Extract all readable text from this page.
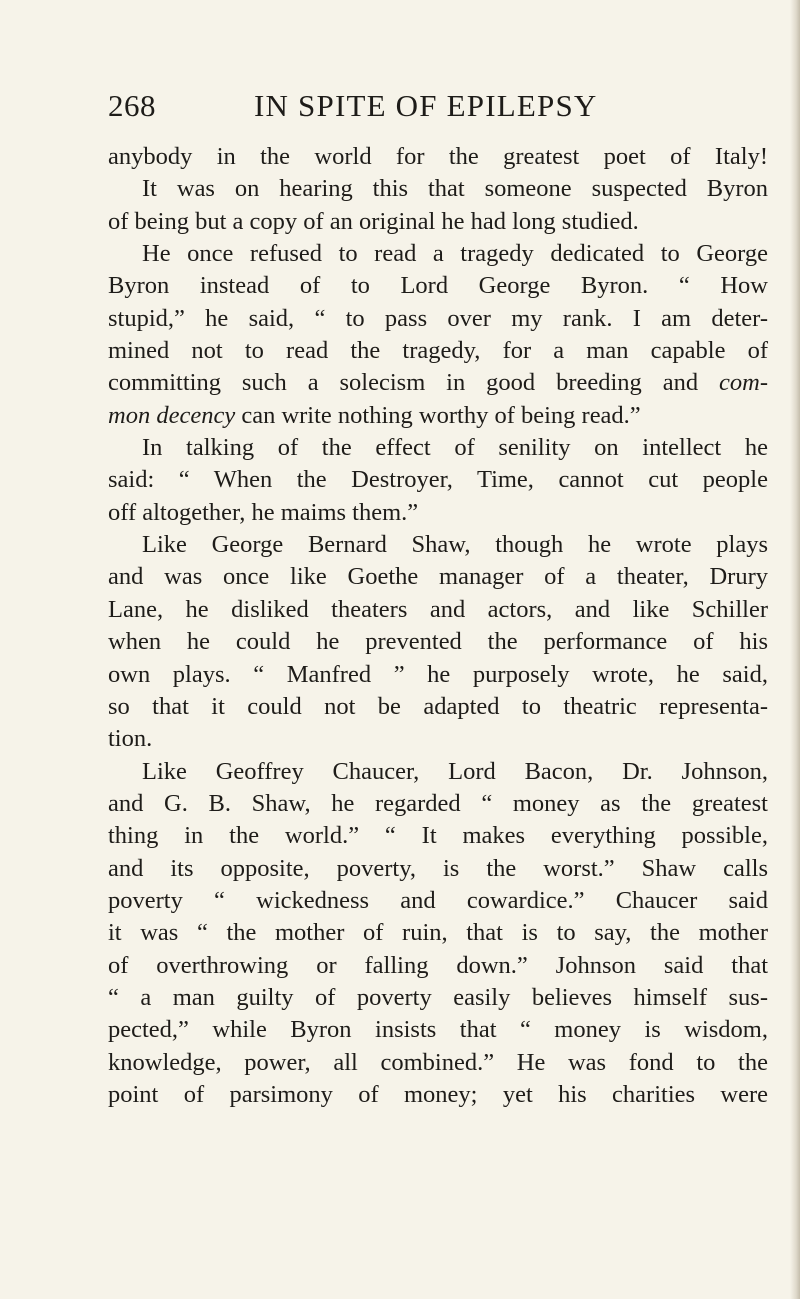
268	IN SPITE OF EPILEPSY
anybody in the world for the greatest poet of Italy!
It was on hearing this that someone suspected Byron
of being but a copy of an original he had long studied.
He once refused to read a tragedy dedicated to George
Byron instead of to Lord George Byron. “ How
stupid,” he said, “ to pass over my rank. I am deter-
mined not to read the tragedy, for a man capable of
committing such a solecism in good breeding and com-
mon decency can write nothing worthy of being read.”
In talking of the effect of senility on intellect he
said: “ When the Destroyer, Time, cannot cut people
off altogether, he maims them.”
Like George Bernard Shaw, though he wrote plays
and was once like Goethe manager of a theater, Drury
Lane, he disliked theaters and actors, and like Schiller
when he could he prevented the performance of his
own plays. “ Manfred ” he purposely wrote, he said,
so that it could not be adapted to theatric representa-
tion.
Like Geoffrey Chaucer, Lord Bacon, Dr. Johnson,
and G. B. Shaw, he regarded “ money as the greatest
thing in the world.” “ It makes everything possible,
and its opposite, poverty, is the worst.” Shaw calls
poverty “ wickedness and cowardice.” Chaucer said
it was “ the mother of ruin, that is to say, the mother
of overthrowing or falling down.” Johnson said that
“ a man guilty of poverty easily believes himself sus-
pected,” while Byron insists that “ money is wisdom,
knowledge, power, all combined.” He was fond to the
point of parsimony of money; yet his charities were
